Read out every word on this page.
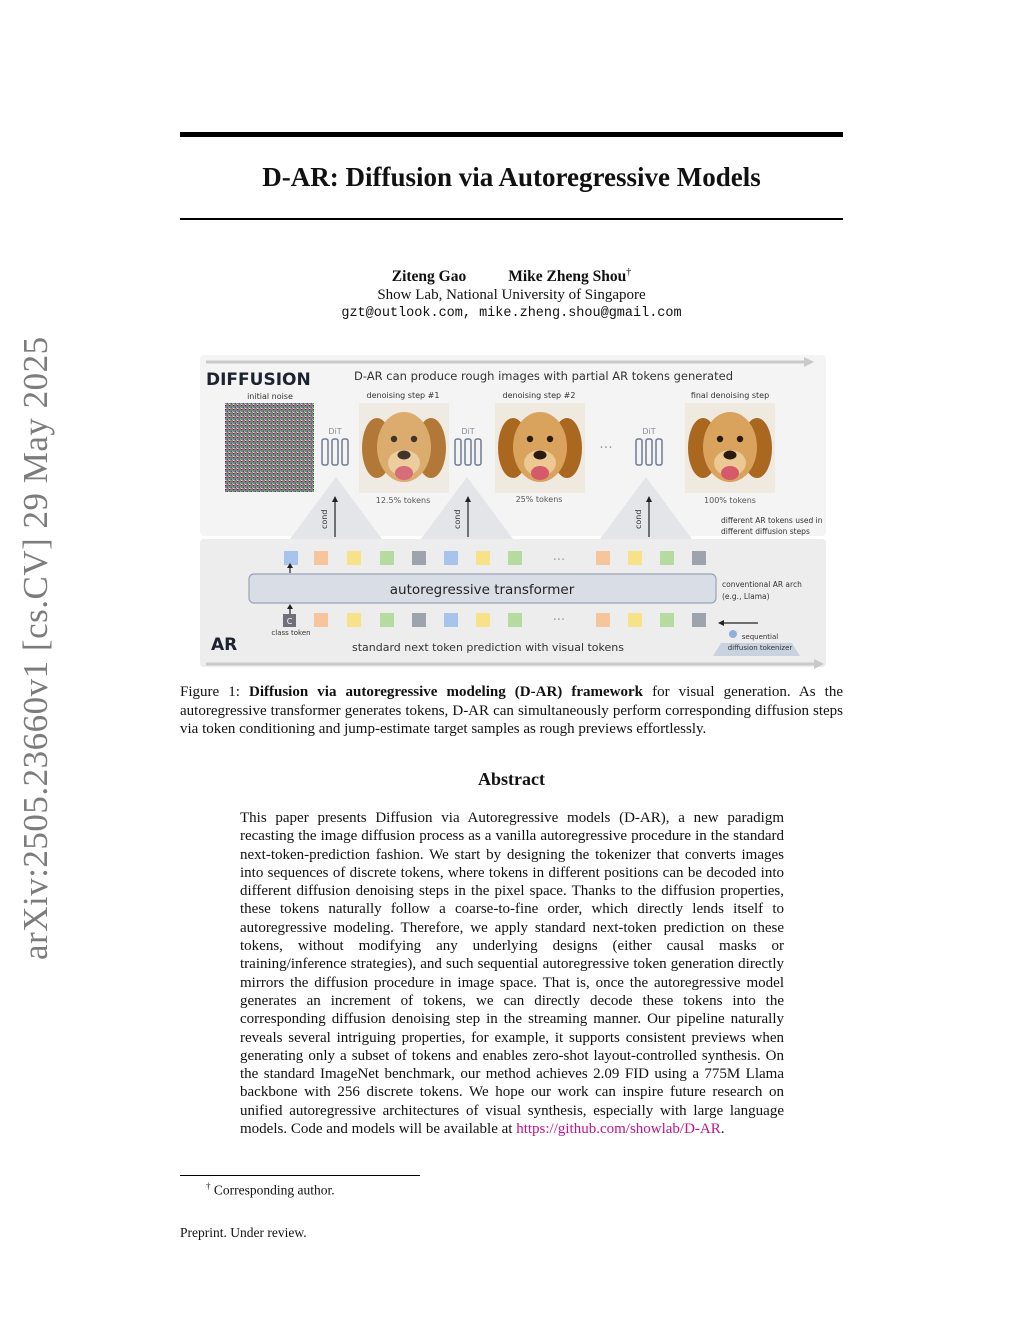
arXiv:2505.23660v1 [cs.CV] 29 May 2025
D-AR: Diffusion via Autoregressive Models
Ziteng Gao	Mike Zheng Shou†
Show Lab, National University of Singapore
gzt@outlook.com, mike.zheng.shou@gmail.com
DIFFUSION	D-AR can produce rough images with partial AR tokens generated
initial noise	denoising step #1	denoising step #2	final denoising step
DiT	DiT	DiT
···
12.5% tokens	25% tokens	100% tokens
cond	cond	cond	different AR tokens used in
different diffusion steps
···
autoregressive transformer	conventional AR arch
(e.g., Llama)
C
class token
···
sequential
diffusion tokenizer
AR	standard next token prediction with visual tokens
Figure 1: Diffusion via autoregressive modeling (D-AR) framework for visual generation. As the autoregressive transformer generates tokens, D-AR can simultaneously perform corresponding diffusion steps via token conditioning and jump-estimate target samples as rough previews effortlessly.
Abstract
This paper presents Diffusion via Autoregressive models (D-AR), a new paradigm recasting the image diffusion process as a vanilla autoregressive procedure in the standard next-token-prediction fashion. We start by designing the tokenizer that converts images into sequences of discrete tokens, where tokens in different positions can be decoded into different diffusion denoising steps in the pixel space. Thanks to the diffusion properties, these tokens naturally follow a coarse-to-fine order, which directly lends itself to autoregressive modeling. Therefore, we apply standard next-token prediction on these tokens, without modifying any underlying designs (either causal masks or training/inference strategies), and such sequential autoregressive token generation directly mirrors the diffusion procedure in image space. That is, once the autoregressive model generates an increment of tokens, we can directly decode these tokens into the corresponding diffusion denoising step in the streaming manner. Our pipeline naturally reveals several intriguing properties, for example, it supports consistent previews when generating only a subset of tokens and enables zero-shot layout-controlled synthesis. On the standard ImageNet benchmark, our method achieves 2.09 FID using a 775M Llama backbone with 256 discrete tokens. We hope our work can inspire future research on unified autoregressive architectures of visual synthesis, especially with large language models. Code and models will be available at https://github.com/showlab/D-AR.
† Corresponding author.
Preprint. Under review.
